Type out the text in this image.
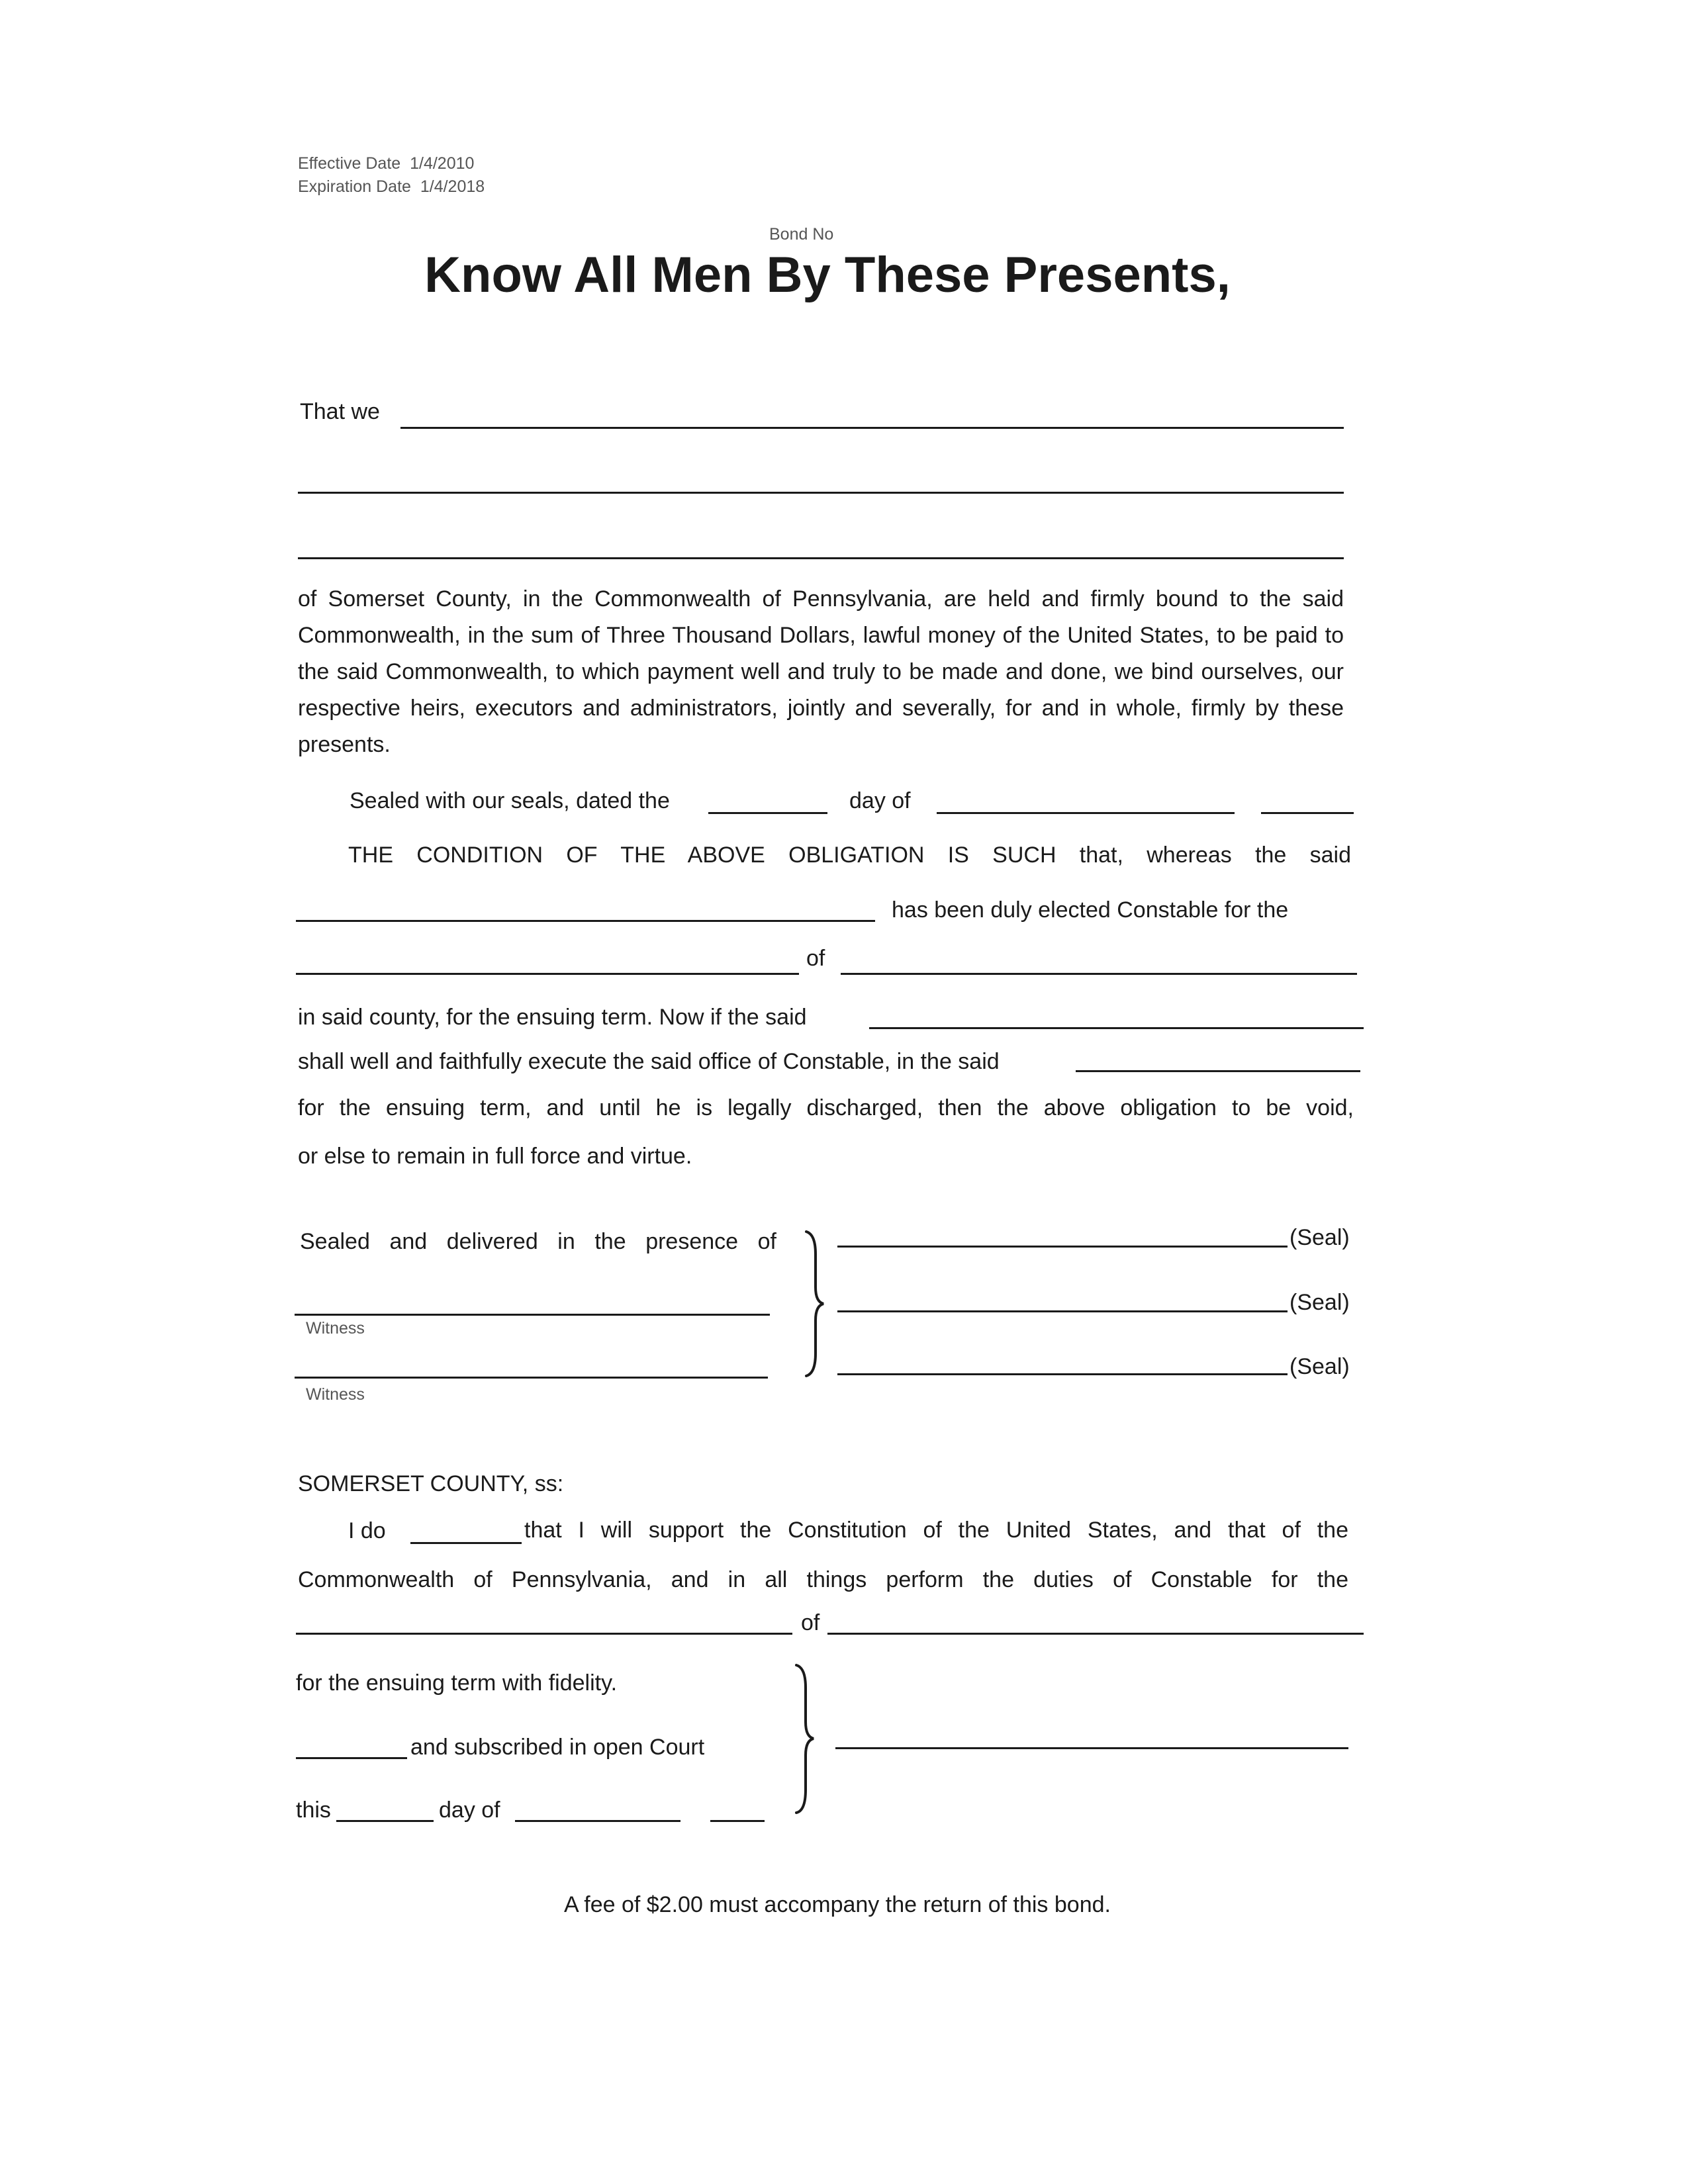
Effective Date 1/4/2010
Expiration Date 1/4/2018
Bond No
Know All Men By These Presents,
That we
of Somerset County, in the Commonwealth of Pennsylvania, are held and firmly bound to the said Commonwealth, in the sum of Three Thousand Dollars, lawful money of the United States, to be paid to the said Commonwealth, to which payment well and truly to be made and done, we bind ourselves, our respective heirs, executors and administrators, jointly and severally, for and in whole, firmly by these presents.
Sealed with our seals, dated the	day of
THE CONDITION OF THE ABOVE OBLIGATION IS SUCH that, whereas the said
has been duly elected Constable for the
of
in said county, for the ensuing term. Now if the said
shall well and faithfully execute the said office of Constable, in the said
for the ensuing term, and until he is legally discharged, then the above obligation to be void,
or else to remain in full force and virtue.
Sealed and delivered in the presence of
Witness
Witness
(Seal)
(Seal)
(Seal)
SOMERSET COUNTY, ss:
I do	that I will support the Constitution of the United States, and that of the
Commonwealth of Pennsylvania, and in all things perform the duties of Constable for the
of
for the ensuing term with fidelity.
and subscribed in open Court
this	day of
A fee of $2.00 must accompany the return of this bond.
